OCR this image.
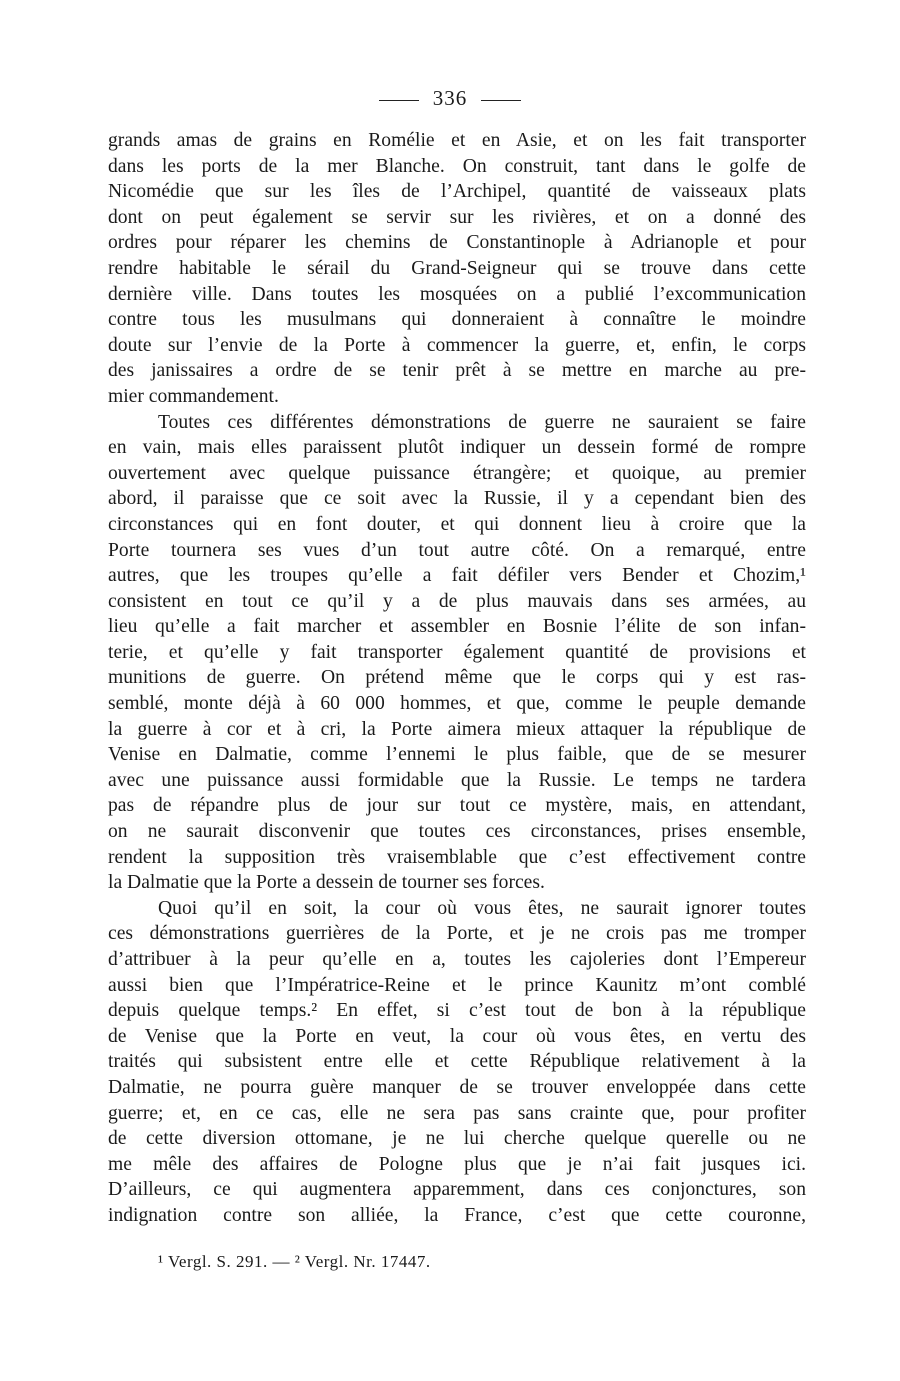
336
grands amas de grains en Romélie et en Asie, et on les fait transporter
dans les ports de la mer Blanche. On construit, tant dans le golfe de
Nicomédie que sur les îles de l’Archipel, quantité de vaisseaux plats
dont on peut également se servir sur les rivières, et on a donné des
ordres pour réparer les chemins de Constantinople à Adrianople et pour
rendre habitable le sérail du Grand-Seigneur qui se trouve dans cette
dernière ville. Dans toutes les mosquées on a publié l’excommunication
contre tous les musulmans qui donneraient à connaître le moindre
doute sur l’envie de la Porte à commencer la guerre, et, enfin, le corps
des janissaires a ordre de se tenir prêt à se mettre en marche au pre-
mier commandement.
Toutes ces différentes démonstrations de guerre ne sauraient se faire
en vain, mais elles paraissent plutôt indiquer un dessein formé de rompre
ouvertement avec quelque puissance étrangère; et quoique, au premier
abord, il paraisse que ce soit avec la Russie, il y a cependant bien des
circonstances qui en font douter, et qui donnent lieu à croire que la
Porte tournera ses vues d’un tout autre côté. On a remarqué, entre
autres, que les troupes qu’elle a fait défiler vers Bender et Chozim,¹
consistent en tout ce qu’il y a de plus mauvais dans ses armées, au
lieu qu’elle a fait marcher et assembler en Bosnie l’élite de son infan-
terie, et qu’elle y fait transporter également quantité de provisions et
munitions de guerre. On prétend même que le corps qui y est ras-
semblé, monte déjà à 60 000 hommes, et que, comme le peuple demande
la guerre à cor et à cri, la Porte aimera mieux attaquer la république de
Venise en Dalmatie, comme l’ennemi le plus faible, que de se mesurer
avec une puissance aussi formidable que la Russie. Le temps ne tardera
pas de répandre plus de jour sur tout ce mystère, mais, en attendant,
on ne saurait disconvenir que toutes ces circonstances, prises ensemble,
rendent la supposition très vraisemblable que c’est effectivement contre
la Dalmatie que la Porte a dessein de tourner ses forces.
Quoi qu’il en soit, la cour où vous êtes, ne saurait ignorer toutes
ces démonstrations guerrières de la Porte, et je ne crois pas me tromper
d’attribuer à la peur qu’elle en a, toutes les cajoleries dont l’Empereur
aussi bien que l’Impératrice-Reine et le prince Kaunitz m’ont comblé
depuis quelque temps.² En effet, si c’est tout de bon à la république
de Venise que la Porte en veut, la cour où vous êtes, en vertu des
traités qui subsistent entre elle et cette République relativement à la
Dalmatie, ne pourra guère manquer de se trouver enveloppée dans cette
guerre; et, en ce cas, elle ne sera pas sans crainte que, pour profiter
de cette diversion ottomane, je ne lui cherche quelque querelle ou ne
me mêle des affaires de Pologne plus que je n’ai fait jusques ici.
D’ailleurs, ce qui augmentera apparemment, dans ces conjonctures, son
indignation contre son alliée, la France, c’est que cette couronne,
¹ Vergl. S. 291. — ² Vergl. Nr. 17447.
